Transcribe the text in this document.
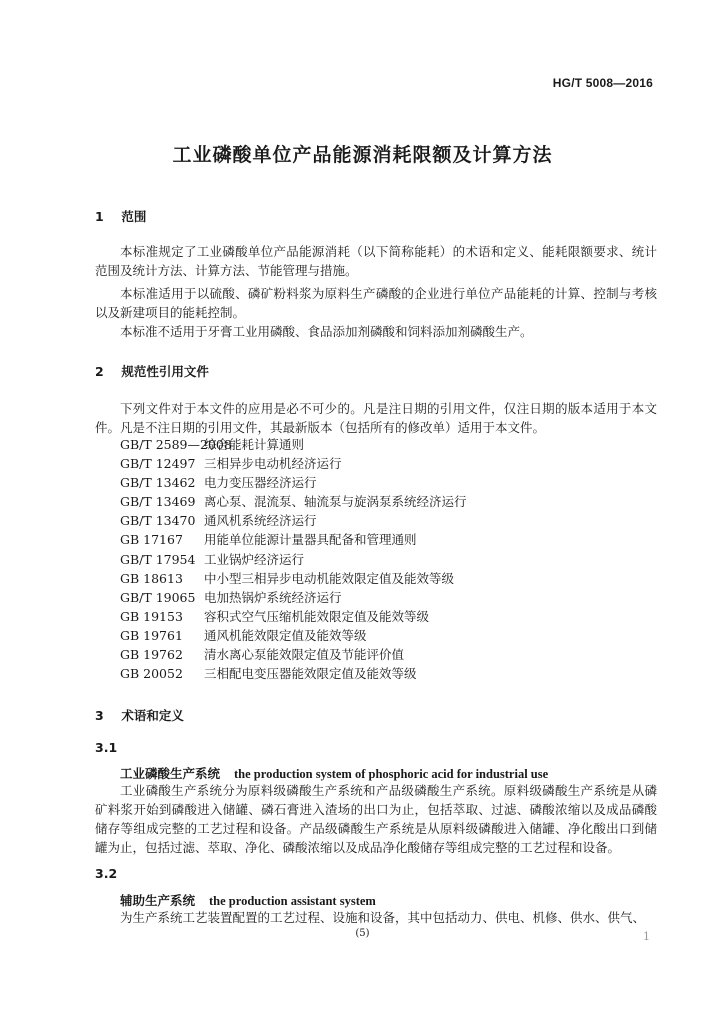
HG/T 5008—2016
工业磷酸单位产品能源消耗限额及计算方法
1 范围
本标准规定了工业磷酸单位产品能源消耗（以下简称能耗）的术语和定义、能耗限额要求、统计范围及统计方法、计算方法、节能管理与措施。
本标准适用于以硫酸、磷矿粉料浆为原料生产磷酸的企业进行单位产品能耗的计算、控制与考核以及新建项目的能耗控制。
本标准不适用于牙膏工业用磷酸、食品添加剂磷酸和饲料添加剂磷酸生产。
2 规范性引用文件
下列文件对于本文件的应用是必不可少的。凡是注日期的引用文件，仅注日期的版本适用于本文件。凡是不注日期的引用文件，其最新版本（包括所有的修改单）适用于本文件。
GB/T 2589—2008综合能耗计算通则
GB/T 12497 三相异步电动机经济运行
GB/T 13462 电力变压器经济运行
GB/T 13469 离心泵、混流泵、轴流泵与旋涡泵系统经济运行
GB/T 13470 通风机系统经济运行
GB 17167 用能单位能源计量器具配备和管理通则
GB/T 17954 工业锅炉经济运行
GB 18613 中小型三相异步电动机能效限定值及能效等级
GB/T 19065 电加热锅炉系统经济运行
GB 19153 容积式空气压缩机能效限定值及能效等级
GB 19761 通风机能效限定值及能效等级
GB 19762 清水离心泵能效限定值及节能评价值
GB 20052 三相配电变压器能效限定值及能效等级
3 术语和定义
3.1
工业磷酸生产系统 the production system of phosphoric acid for industrial use
工业磷酸生产系统分为原料级磷酸生产系统和产品级磷酸生产系统。原料级磷酸生产系统是从磷矿料浆开始到磷酸进入储罐、磷石膏进入渣场的出口为止，包括萃取、过滤、磷酸浓缩以及成品磷酸储存等组成完整的工艺过程和设备。产品级磷酸生产系统是从原料级磷酸进入储罐、净化酸出口到储罐为止，包括过滤、萃取、净化、磷酸浓缩以及成品净化酸储存等组成完整的工艺过程和设备。
3.2
辅助生产系统 the production assistant system
为生产系统工艺装置配置的工艺过程、设施和设备，其中包括动力、供电、机修、供水、供气、
(5)	1
